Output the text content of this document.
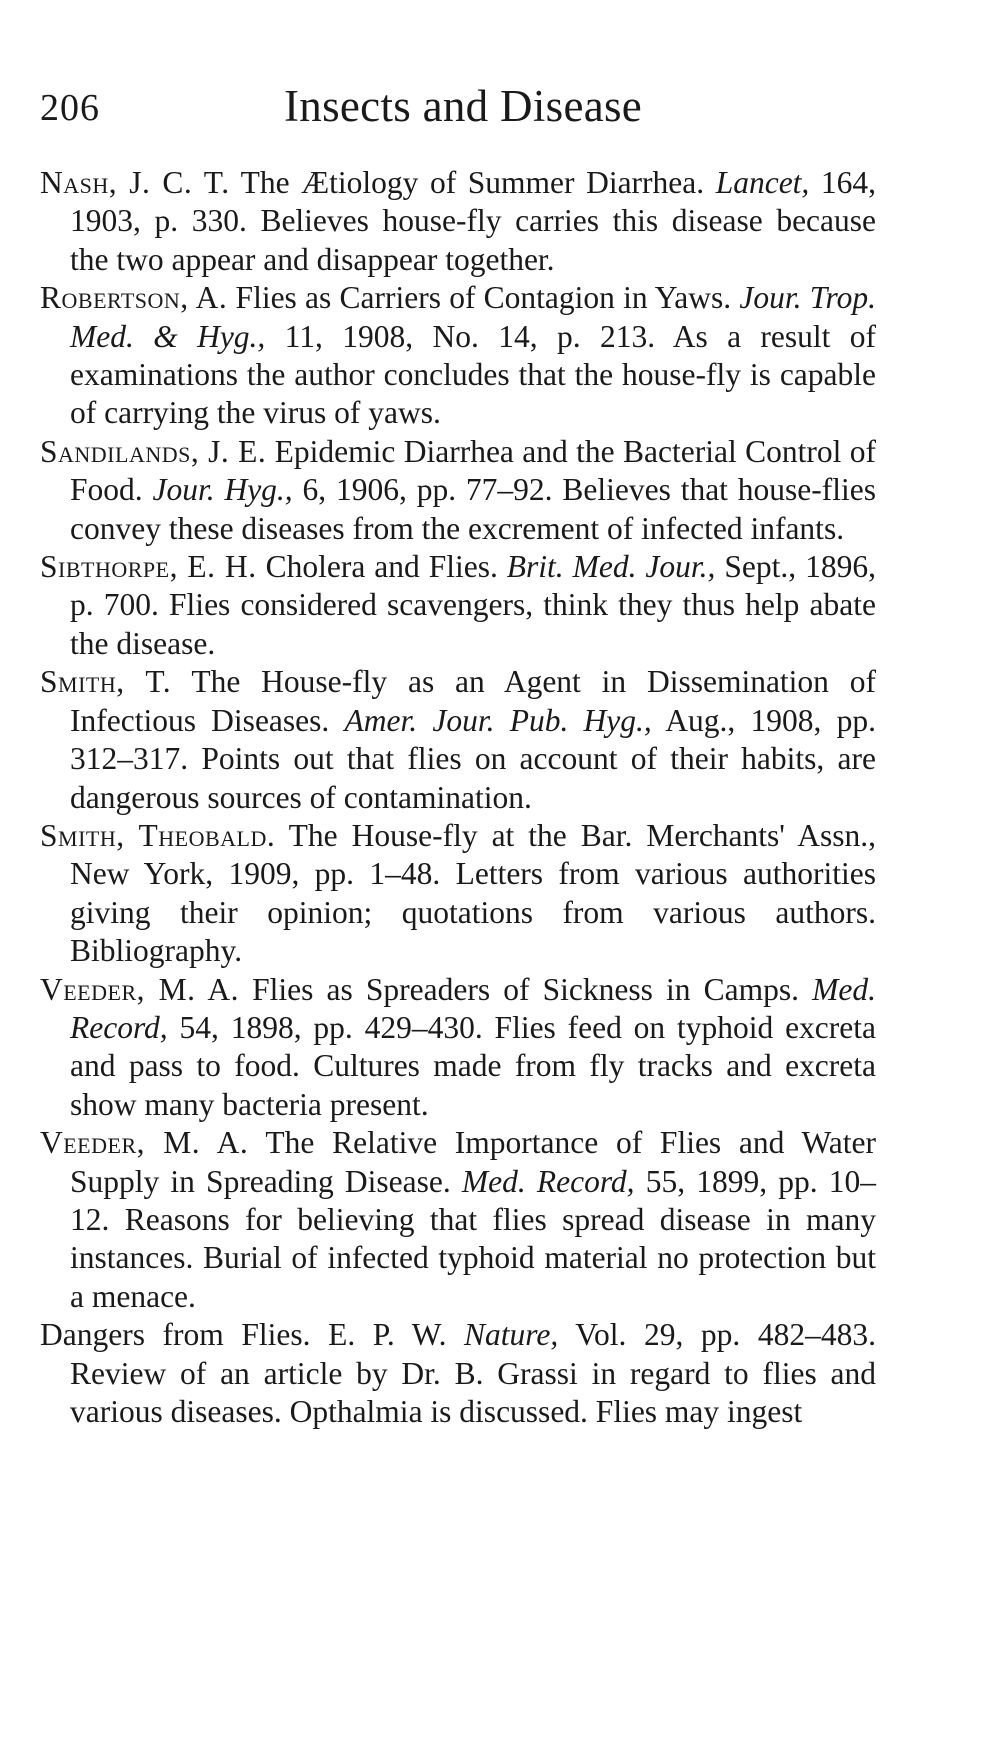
206	Insects and Disease

Nash, J. C. T. The Ætiology of Summer Diarrhea. Lancet, 164, 1903, p. 330. Believes house-fly carries this disease because the two appear and disappear together.

Robertson, A. Flies as Carriers of Contagion in Yaws. Jour. Trop. Med. & Hyg., 11, 1908, No. 14, p. 213. As a result of examinations the author concludes that the house-fly is capable of carrying the virus of yaws.

Sandilands, J. E. Epidemic Diarrhea and the Bacterial Control of Food. Jour. Hyg., 6, 1906, pp. 77–92. Believes that house-flies convey these diseases from the excrement of infected infants.

Sibthorpe, E. H. Cholera and Flies. Brit. Med. Jour., Sept., 1896, p. 700. Flies considered scavengers, think they thus help abate the disease.

Smith, T. The House-fly as an Agent in Dissemination of Infectious Diseases. Amer. Jour. Pub. Hyg., Aug., 1908, pp. 312–317. Points out that flies on account of their habits, are dangerous sources of contamination.

Smith, Theobald. The House-fly at the Bar. Merchants' Assn., New York, 1909, pp. 1–48. Letters from various authorities giving their opinion; quotations from various authors. Bibliography.

Veeder, M. A. Flies as Spreaders of Sickness in Camps. Med. Record, 54, 1898, pp. 429–430. Flies feed on typhoid excreta and pass to food. Cultures made from fly tracks and excreta show many bacteria present.

Veeder, M. A. The Relative Importance of Flies and Water Supply in Spreading Disease. Med. Record, 55, 1899, pp. 10–12. Reasons for believing that flies spread disease in many instances. Burial of infected typhoid material no protection but a menace.

Dangers from Flies. E. P. W. Nature, Vol. 29, pp. 482–483. Review of an article by Dr. B. Grassi in regard to flies and various diseases. Opthalmia is discussed. Flies may ingest
